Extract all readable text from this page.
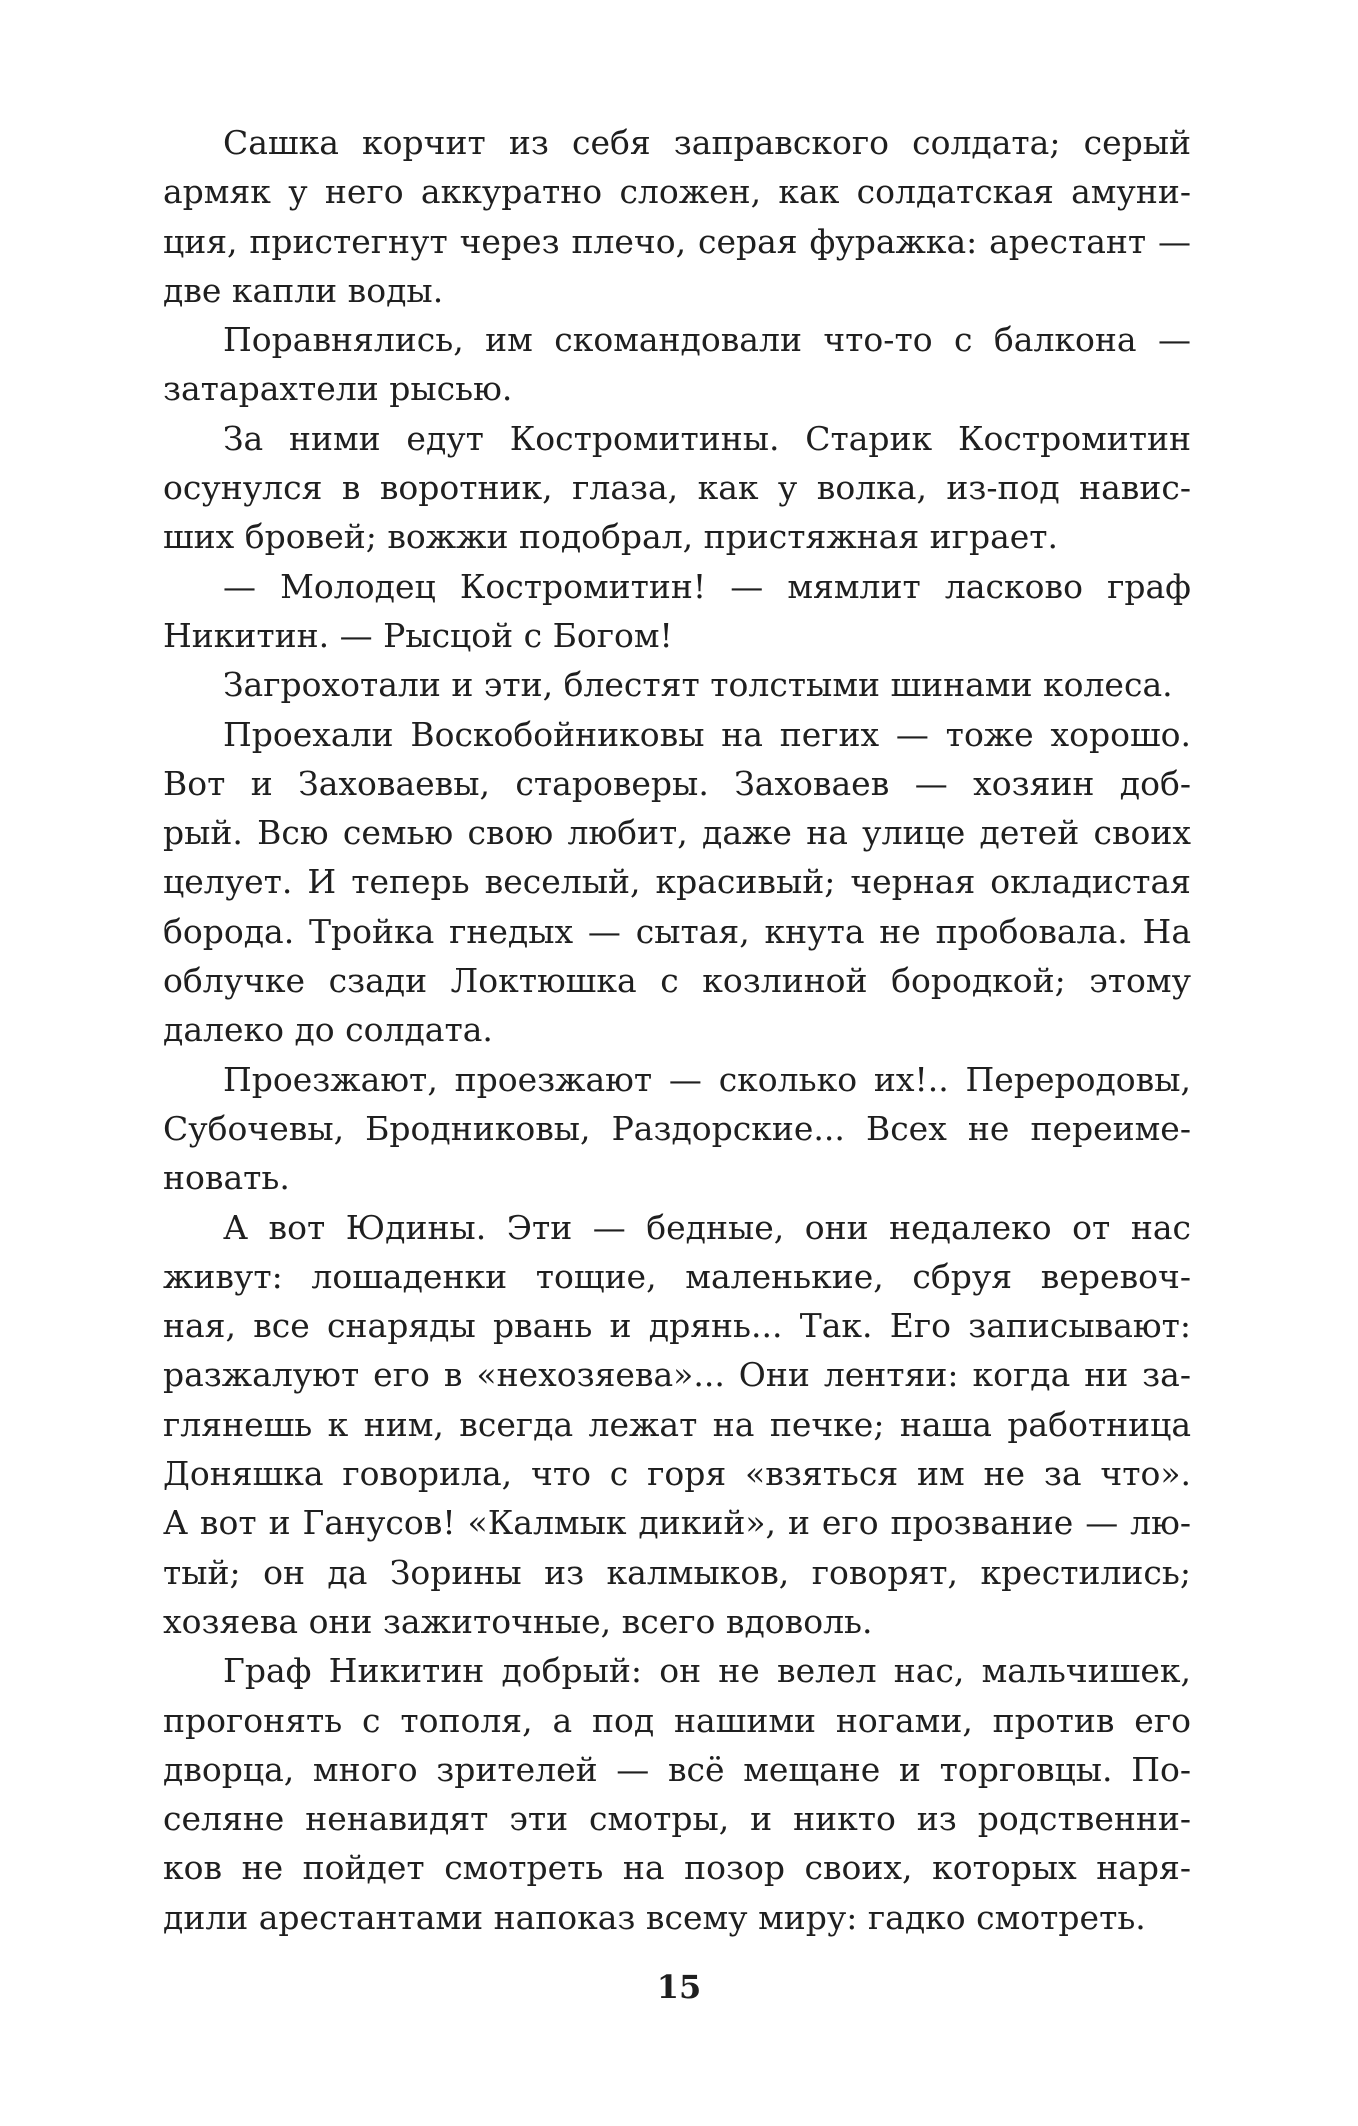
Сашка корчит из себя заправского солдата; серый
армяк у него аккуратно сложен, как солдатская амуни-
ция, пристегнут через плечо, серая фуражка: арестант —
две капли воды.
Поравнялись, им скомандовали что-то с балкона —
затарахтели рысью.
За ними едут Костромитины. Старик Костромитин
осунулся в воротник, глаза, как у волка, из-под навис-
ших бровей; вожжи подобрал, пристяжная играет.
— Молодец Костромитин! — мямлит ласково граф
Никитин. — Рысцой с Богом!
Загрохотали и эти, блестят толстыми шинами колеса.
Проехали Воскобойниковы на пегих — тоже хорошо.
Вот и Заховаевы, староверы. Заховаев — хозяин доб-
рый. Всю семью свою любит, даже на улице детей своих
целует. И теперь веселый, красивый; черная окладистая
борода. Тройка гнедых — сытая, кнута не пробовала. На
облучке сзади Локтюшка с козлиной бородкой; этому
далеко до солдата.
Проезжают, проезжают — сколько их!.. Переродовы,
Субочевы, Бродниковы, Раздорские... Всех не переиме-
новать.
А вот Юдины. Эти — бедные, они недалеко от нас
живут: лошаденки тощие, маленькие, сбруя веревоч-
ная, все снаряды рвань и дрянь... Так. Его записывают:
разжалуют его в «нехозяева»... Они лентяи: когда ни за-
глянешь к ним, всегда лежат на печке; наша работница
Доняшка говорила, что с горя «взяться им не за что».
А вот и Ганусов! «Калмык дикий», и его прозвание — лю-
тый; он да Зорины из калмыков, говорят, крестились;
хозяева они зажиточные, всего вдоволь.
Граф Никитин добрый: он не велел нас, мальчишек,
прогонять с тополя, а под нашими ногами, против его
дворца, много зрителей — всё мещане и торговцы. По-
селяне ненавидят эти смотры, и никто из родственни-
ков не пойдет смотреть на позор своих, которых наря-
дили арестантами напоказ всему миру: гадко смотреть.
15
